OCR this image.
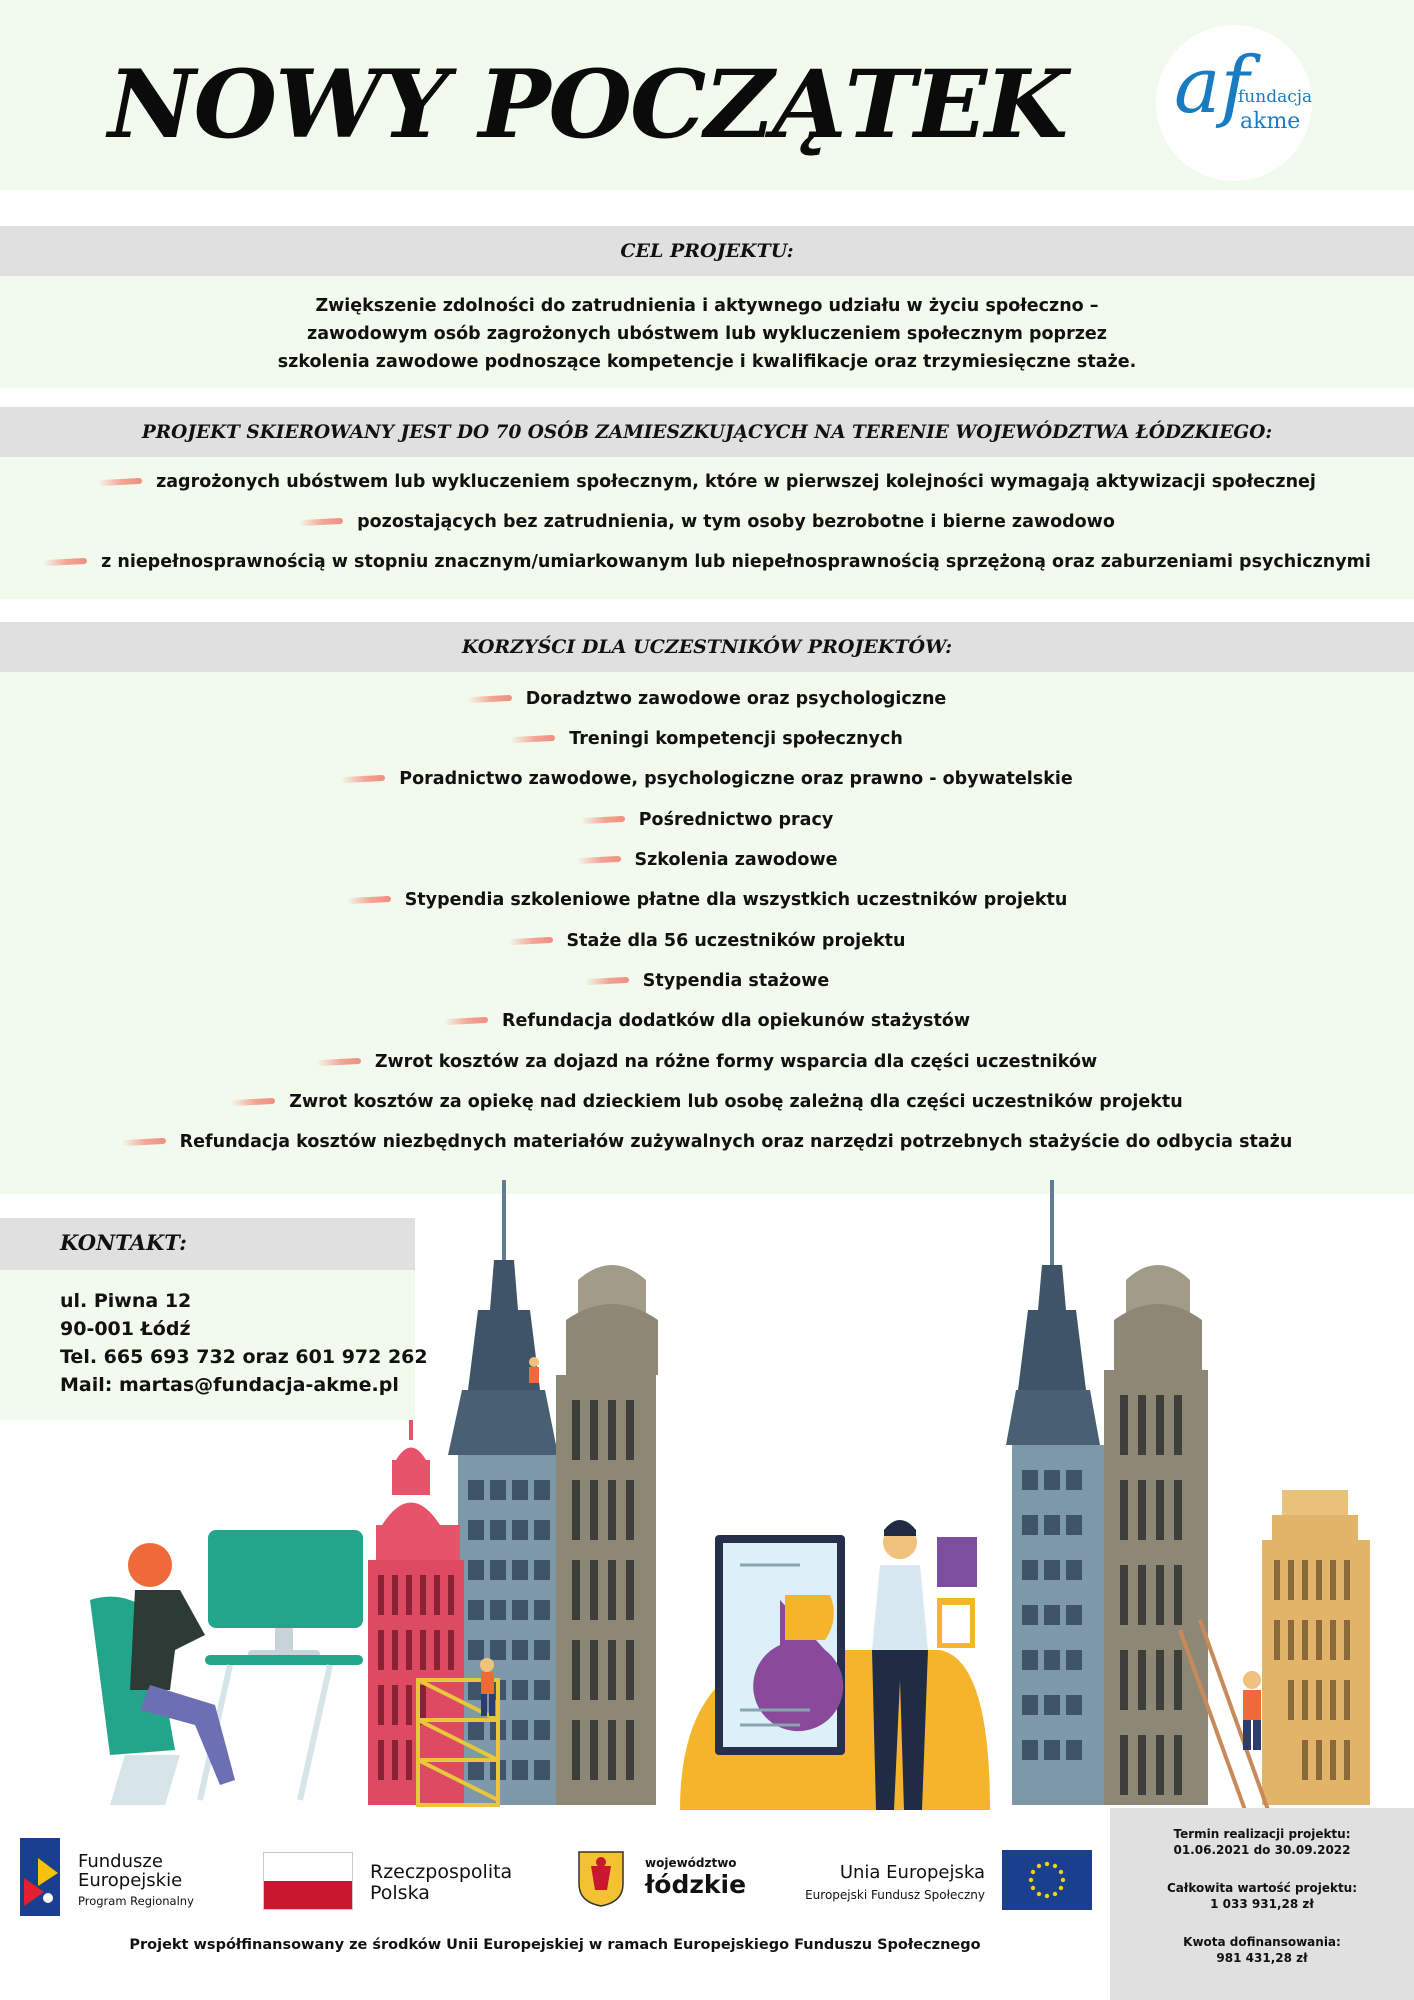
NOWY POCZĄTEK af
fundacja
akme
CEL PROJEKTU:
Zwiększenie zdolności do zatrudnienia i aktywnego udziału w życiu społeczno –
zawodowym osób zagrożonych ubóstwem lub wykluczeniem społecznym poprzez
szkolenia zawodowe podnoszące kompetencje i kwalifikacje oraz trzymiesięczne staże.
PROJEKT SKIEROWANY JEST DO 70 OSÓB ZAMIESZKUJĄCYCH NA TERENIE WOJEWÓDZTWA ŁÓDZKIEGO:
zagrożonych ubóstwem lub wykluczeniem społecznym, które w pierwszej kolejności wymagają aktywizacji społecznej
pozostających bez zatrudnienia, w tym osoby bezrobotne i bierne zawodowo
z niepełnosprawnością w stopniu znacznym/umiarkowanym lub niepełnosprawnością sprzężoną oraz zaburzeniami psychicznymi
KORZYŚCI DLA UCZESTNIKÓW PROJEKTÓW:
Doradztwo zawodowe oraz psychologiczne
Treningi kompetencji społecznych
Poradnictwo zawodowe, psychologiczne oraz prawno - obywatelskie
Pośrednictwo pracy
Szkolenia zawodowe
Stypendia szkoleniowe płatne dla wszystkich uczestników projektu
Staże dla 56 uczestników projektu
Stypendia stażowe
Refundacja dodatków dla opiekunów stażystów
Zwrot kosztów za dojazd na różne formy wsparcia dla części uczestników
Zwrot kosztów za opiekę nad dzieckiem lub osobę zależną dla części uczestników projektu
Refundacja kosztów niezbędnych materiałów zużywalnych oraz narzędzi potrzebnych stażyście do odbycia stażu
KONTAKT:
ul. Piwna 12
90-001 Łódź
Tel. 665 693 732 oraz 601 972 262
Mail: martas@fundacja-akme.pl
Fundusze
Europejskie
Program Regionalny
Rzeczpospolita
Polska
województwo
łódzkie	Unia Europejska
Europejski Fundusz Społeczny
Projekt współfinansowany ze środków Unii Europejskiej w ramach Europejskiego Funduszu Społecznego
Termin realizacji projektu:
01.06.2021 do 30.09.2022
Całkowita wartość projektu:
1 033 931,28 zł
Kwota dofinansowania:
981 431,28 zł
